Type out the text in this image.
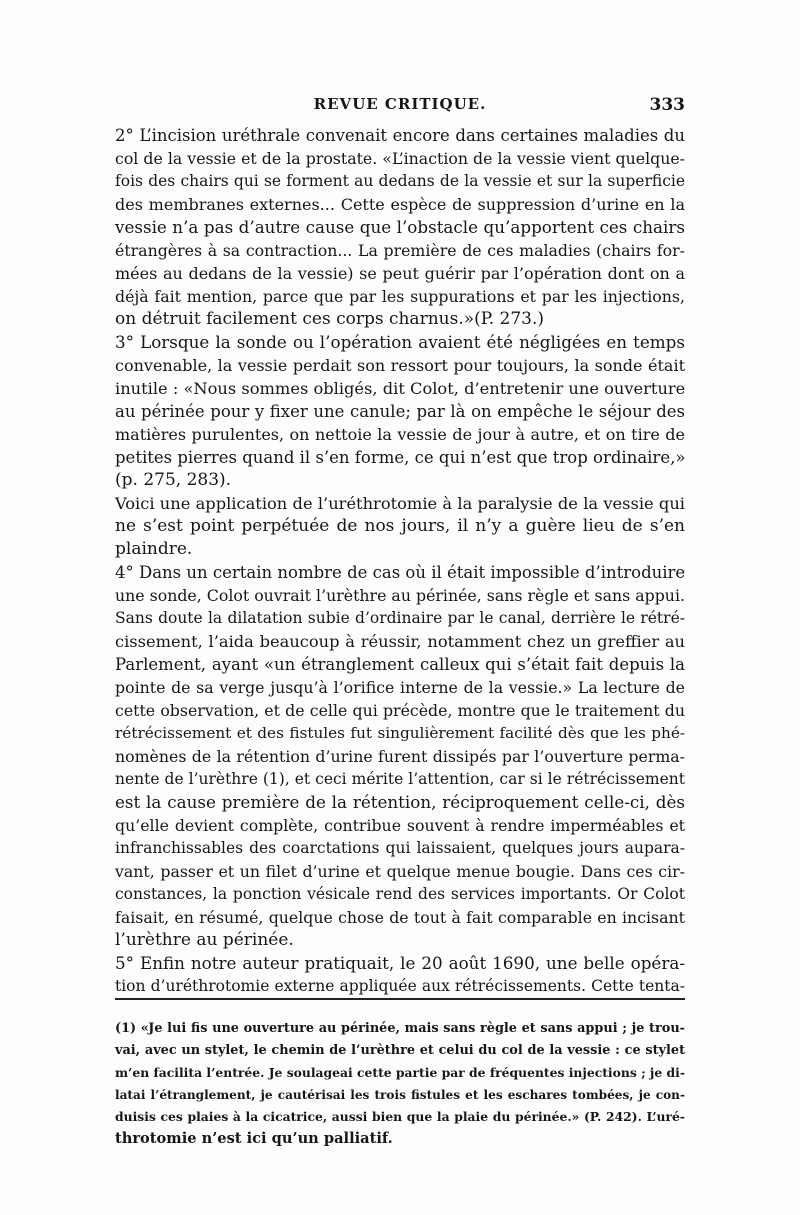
REVUE CRITIQUE.	333
2° L’incision uréthrale convenait encore dans certaines maladies du
col de la vessie et de la prostate. «L’inaction de la vessie vient quelque-
fois des chairs qui se forment au dedans de la vessie et sur la superficie
des membranes externes... Cette espèce de suppression d’urine en la
vessie n’a pas d’autre cause que l’obstacle qu’apportent ces chairs
étrangères à sa contraction... La première de ces maladies (chairs for-
mées au dedans de la vessie) se peut guérir par l’opération dont on a
déjà fait mention, parce que par les suppurations et par les injections,
on détruit facilement ces corps charnus.»(P. 273.)
3° Lorsque la sonde ou l’opération avaient été négligées en temps
convenable, la vessie perdait son ressort pour toujours, la sonde était
inutile : «Nous sommes obligés, dit Colot, d’entretenir une ouverture
au périnée pour y fixer une canule; par là on empêche le séjour des
matières purulentes, on nettoie la vessie de jour à autre, et on tire de
petites pierres quand il s’en forme, ce qui n’est que trop ordinaire,»
(p. 275, 283).
Voici une application de l’uréthrotomie à la paralysie de la vessie qui
ne s’est point perpétuée de nos jours, il n’y a guère lieu de s’en
plaindre.
4° Dans un certain nombre de cas où il était impossible d’introduire
une sonde, Colot ouvrait l’urèthre au périnée, sans règle et sans appui.
Sans doute la dilatation subie d’ordinaire par le canal, derrière le rétré-
cissement, l’aida beaucoup à réussir, notamment chez un greffier au
Parlement, ayant «un étranglement calleux qui s’était fait depuis la
pointe de sa verge jusqu’à l’orifice interne de la vessie.» La lecture de
cette observation, et de celle qui précède, montre que le traitement du
rétrécissement et des fistules fut singulièrement facilité dès que les phé-
nomènes de la rétention d’urine furent dissipés par l’ouverture perma-
nente de l’urèthre (1), et ceci mérite l’attention, car si le rétrécissement
est la cause première de la rétention, réciproquement celle-ci, dès
qu’elle devient complète, contribue souvent à rendre imperméables et
infranchissables des coarctations qui laissaient, quelques jours aupara-
vant, passer et un filet d’urine et quelque menue bougie. Dans ces cir-
constances, la ponction vésicale rend des services importants. Or Colot
faisait, en résumé, quelque chose de tout à fait comparable en incisant
l’urèthre au périnée.
5° Enfin notre auteur pratiquait, le 20 août 1690, une belle opéra-
tion d’uréthrotomie externe appliquée aux rétrécissements. Cette tenta-
(1) «Je lui fis une ouverture au périnée, mais sans règle et sans appui ; je trou-
vai, avec un stylet, le chemin de l’urèthre et celui du col de la vessie : ce stylet
m’en facilita l’entrée. Je soulageai cette partie par de fréquentes injections ; je di-
latai l’étranglement, je cautérisai les trois fistules et les eschares tombées, je con-
duisis ces plaies à la cicatrice, aussi bien que la plaie du périnée.» (P. 242). L’uré-
throtomie n’est ici qu’un palliatif.
